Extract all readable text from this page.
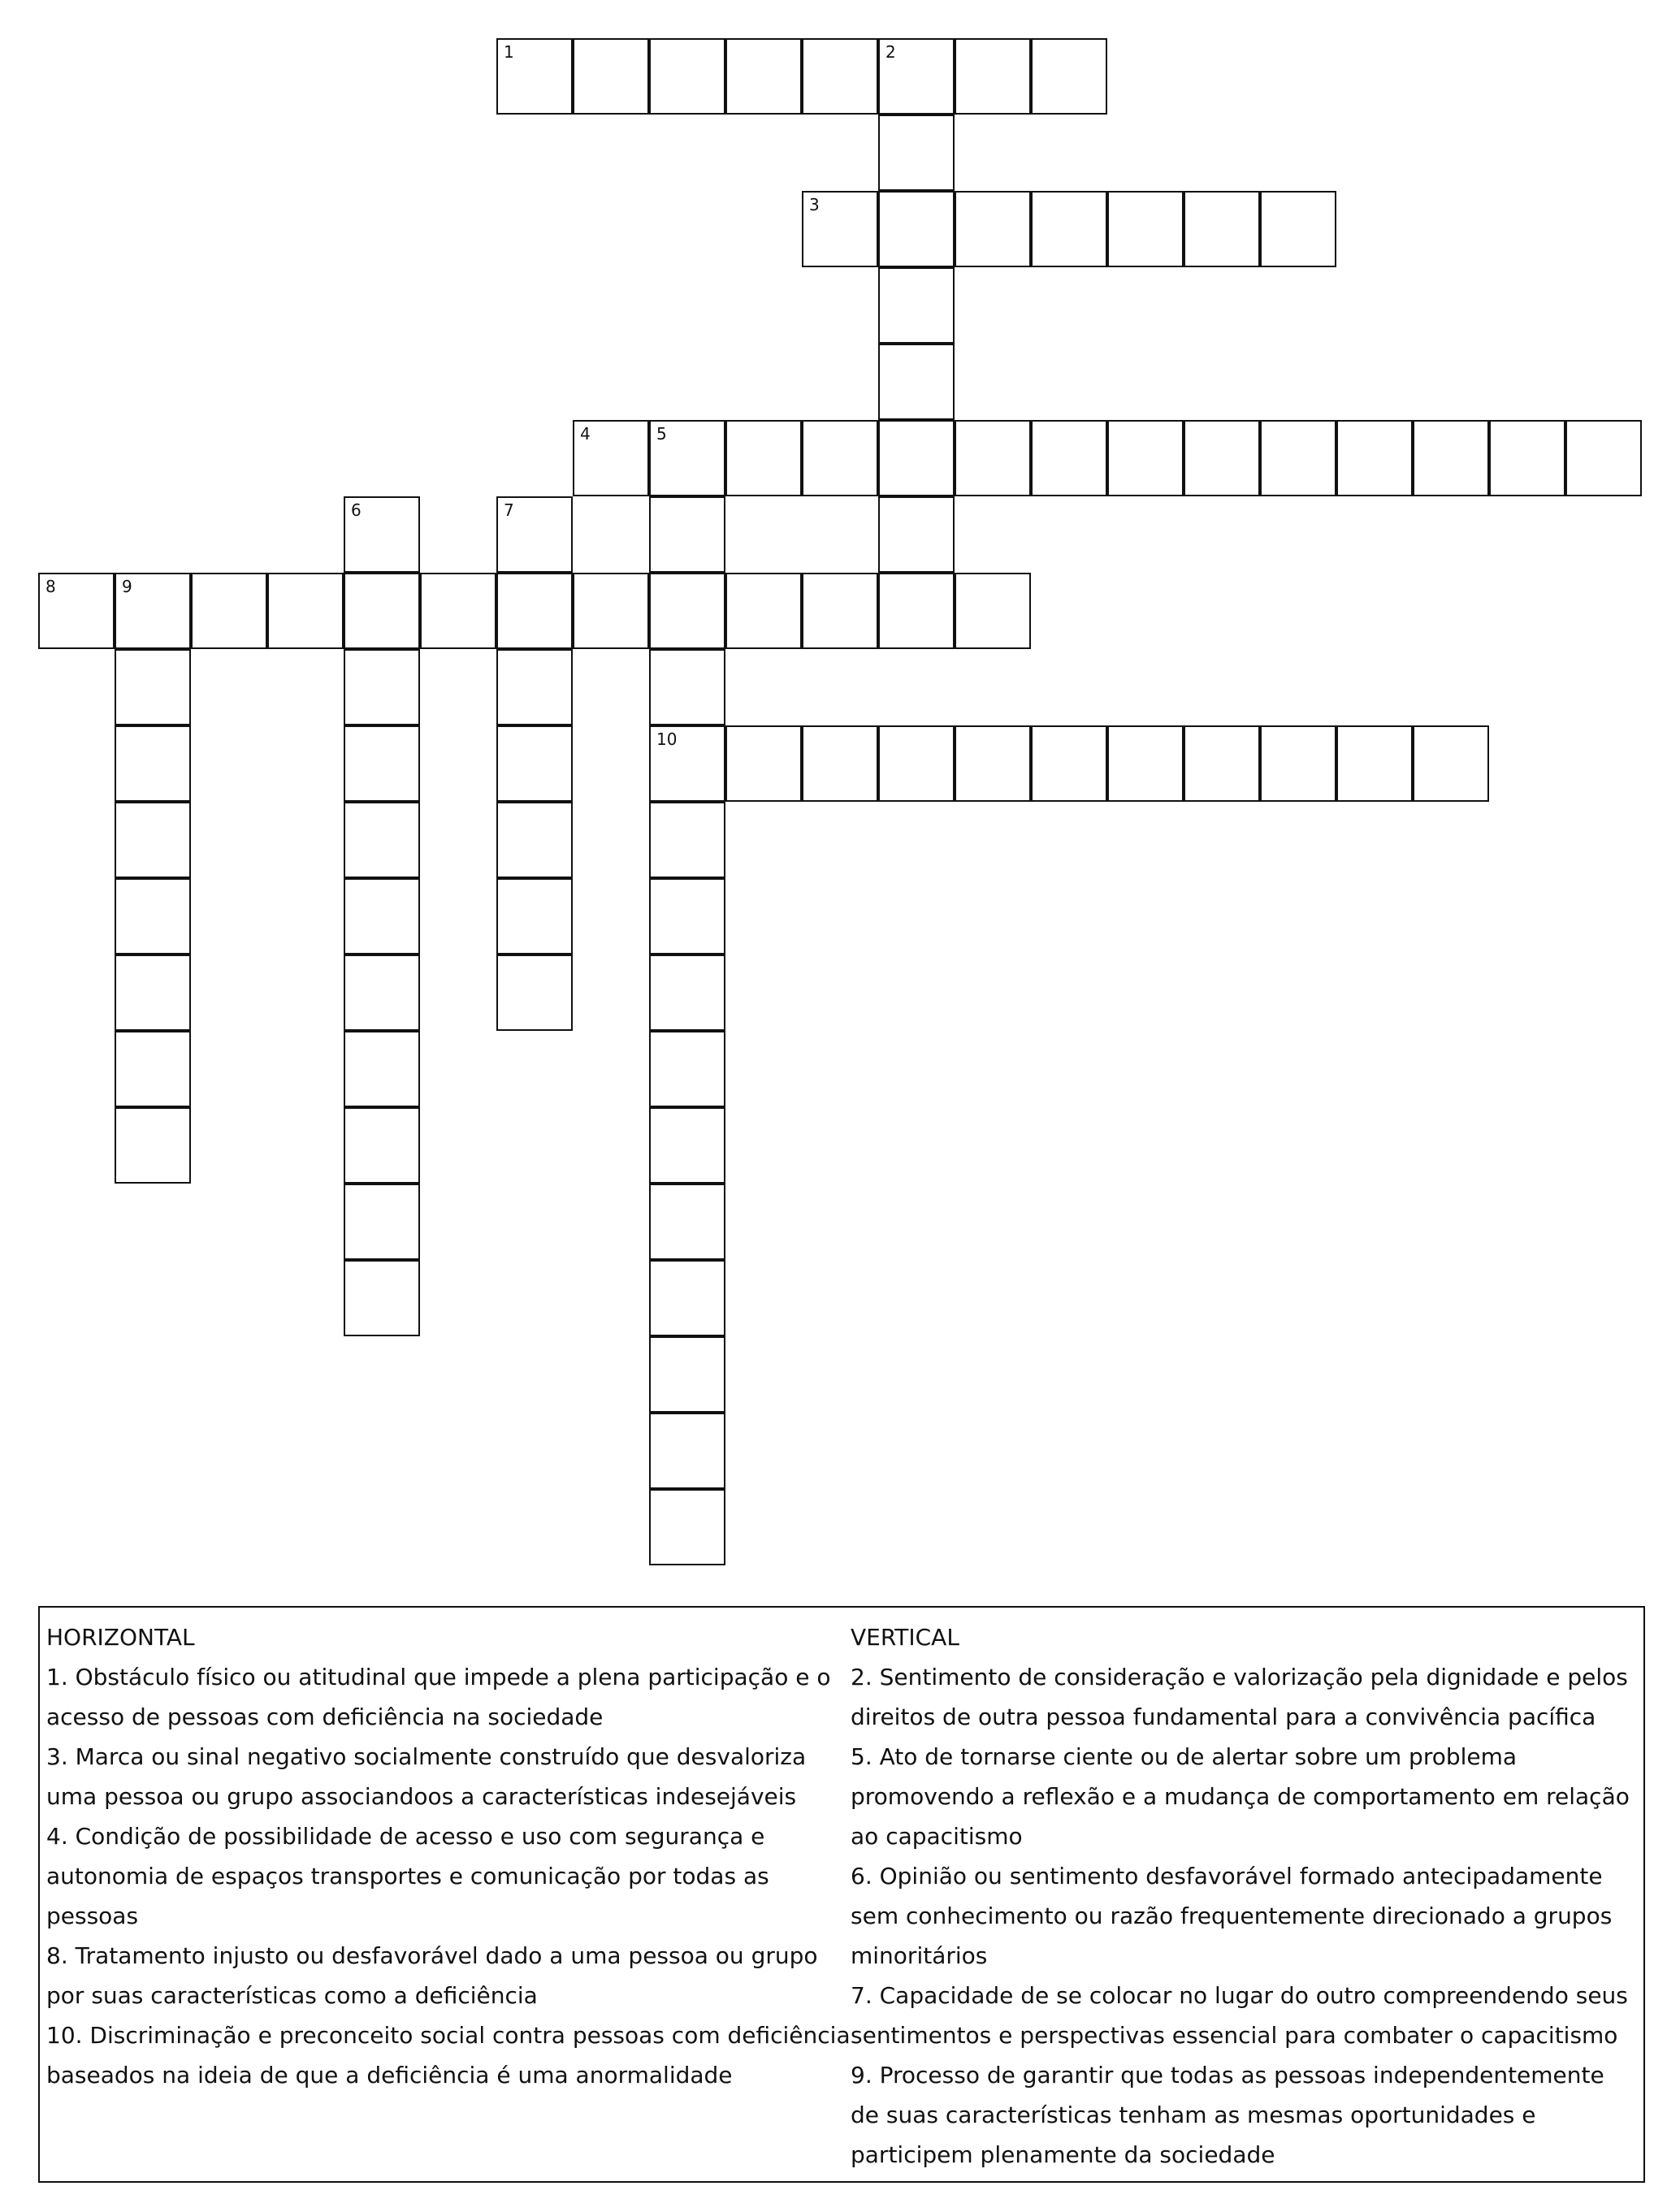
1	2
3
4	5
10
6	7
8	9

HORIZONTAL

1. Obstáculo físico ou atitudinal que impede a plena participação e o acesso de pessoas com deficiência na sociedade

3. Marca ou sinal negativo socialmente construído que desvaloriza uma pessoa ou grupo associandoos a características indesejáveis

4. Condição de possibilidade de acesso e uso com segurança e autonomia de espaços transportes e comunicação por todas as pessoas

8. Tratamento injusto ou desfavorável dado a uma pessoa ou grupo por suas características como a deficiência

10. Discriminação e preconceito social contra pessoas com deficiência baseados na ideia de que a deficiência é uma anormalidade

VERTICAL

2. Sentimento de consideração e valorização pela dignidade e pelos direitos de outra pessoa fundamental para a convivência pacífica

5. Ato de tornarse ciente ou de alertar sobre um problema promovendo a reflexão e a mudança de comportamento em relação ao capacitismo

6. Opinião ou sentimento desfavorável formado antecipadamente sem conhecimento ou razão frequentemente direcionado a grupos minoritários

7. Capacidade de se colocar no lugar do outro compreendendo seus sentimentos e perspectivas essencial para combater o capacitismo

9. Processo de garantir que todas as pessoas independentemente de suas características tenham as mesmas oportunidades e participem plenamente da sociedade
